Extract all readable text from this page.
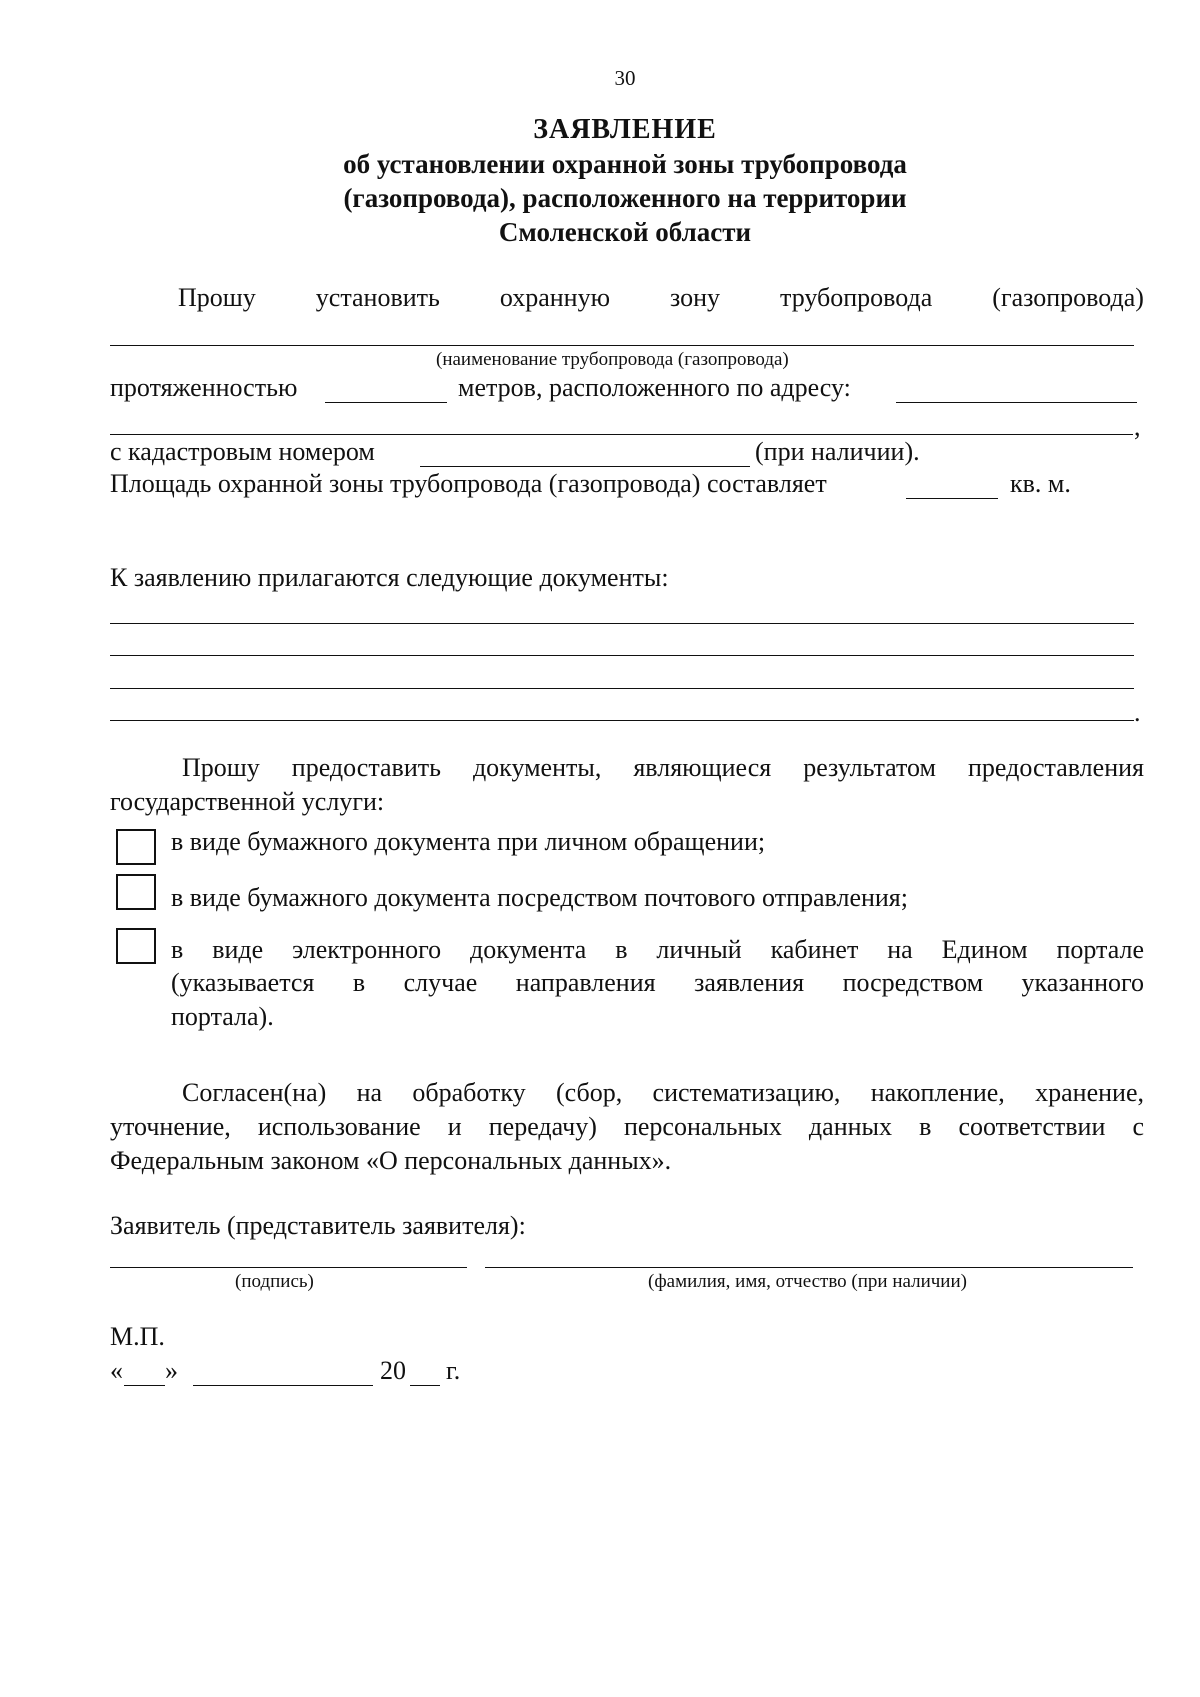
30

ЗАЯВЛЕНИЕ
об установлении охранной зоны трубопровода
(газопровода), расположенного на территории
Смоленской области
Прошу установить охранную зону трубопровода (газопровода)

(наименование трубопровода (газопровода)

протяженностью	метров, расположенного по адресу:

,

с кадастровым номером	(при наличии).

Площадь охранной зоны трубопровода (газопровода) составляет	кв. м.

К заявлению прилагаются следующие документы:

.

Прошу предоставить документы, являющиеся результатом предоставления

государственной услуги:

в виде бумажного документа при личном обращении;

в виде бумажного документа посредством почтового отправления;

в виде электронного документа в личный кабинет на Едином портале
(указывается в случае направления заявления посредством указанного

портала).

Согласен(на) на обработку (сбор, систематизацию, накопление, хранение,
уточнение, использование и передачу) персональных данных в соответствии с

Федеральным законом «О персональных данных».

Заявитель (представитель заявителя):

(подпись)	(фамилия, имя, отчество (при наличии)

М.П.

« »	20 г.
